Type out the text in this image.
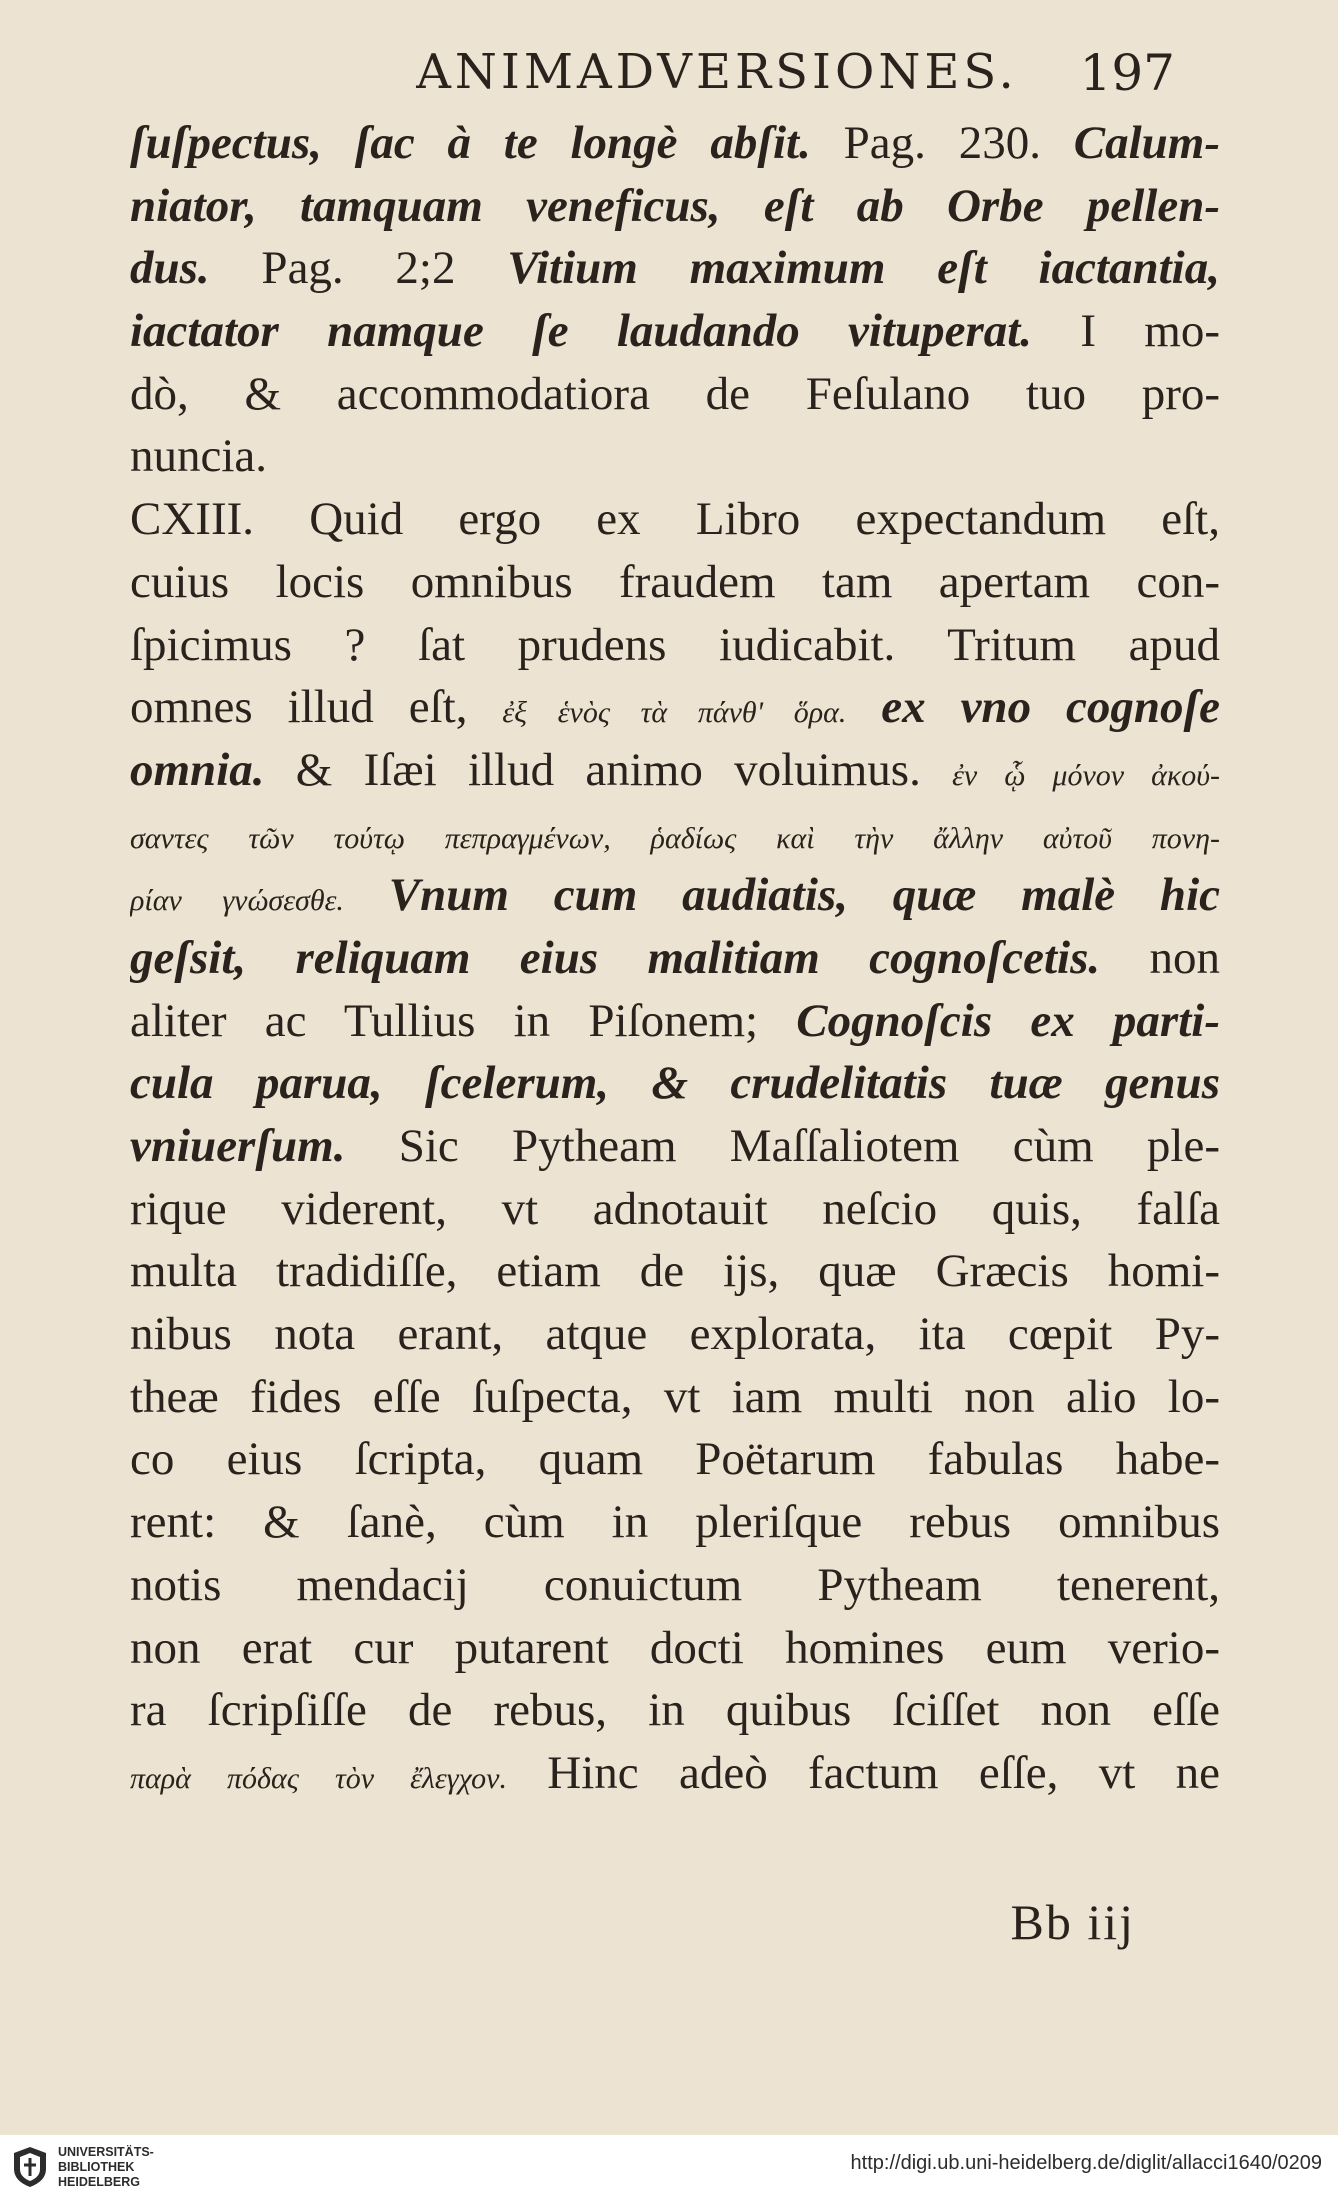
ANIMADVERSIONES.	197
ſuſpectus, ſac à te longè abſit. Pag. 230. Calum-
niator, tamquam veneficus, eſt ab Orbe pellen-
dus. Pag. 2;2 Vitium maximum eſt iactantia,
iactator namque ſe laudando vituperat. I mo-
dò, & accommodatiora de Feſulano tuo pro-
nuncia.
CXIII. Quid ergo ex Libro expectandum eſt,
cuius locis omnibus fraudem tam apertam con-
ſpicimus ? ſat prudens iudicabit. Tritum apud
omnes illud eſt, ἐξ ἑνὸς τὰ πάνθ' ὅρα. ex vno cognoſe
omnia. & Iſæi illud animo voluimus. ἐν ᾧ μόνον ἀκού-
σαντες τῶν τούτῳ πεπραγμένων, ῥαδίως καὶ τὴν ἄλλην αὐτοῦ πονη-
ρίαν γνώσεσθε. Vnum cum audiatis, quæ malè hic
geſsit, reliquam eius malitiam cognoſcetis. non
aliter ac Tullius in Piſonem; Cognoſcis ex parti-
cula parua, ſcelerum, & crudelitatis tuæ genus
vniuerſum. Sic Pytheam Maſſaliotem cùm ple-
rique viderent, vt adnotauit neſcio quis, falſa
multa tradidiſſe, etiam de ijs, quæ Græcis homi-
nibus nota erant, atque explorata, ita cœpit Py-
theæ fides eſſe ſuſpecta, vt iam multi non alio lo-
co eius ſcripta, quam Poëtarum fabulas habe-
rent: & ſanè, cùm in pleriſque rebus omnibus
notis mendacij conuictum Pytheam tenerent,
non erat cur putarent docti homines eum verio-
ra ſcripſiſſe de rebus, in quibus ſciſſet non eſſe
παρὰ πόδας τὸν ἔλεγχον. Hinc adeò factum eſſe, vt ne
Bb iij
UNIVERSITÄTS-
BIBLIOTHEK
HEIDELBERG
http://digi.ub.uni-heidelberg.de/diglit/allacci1640/0209
